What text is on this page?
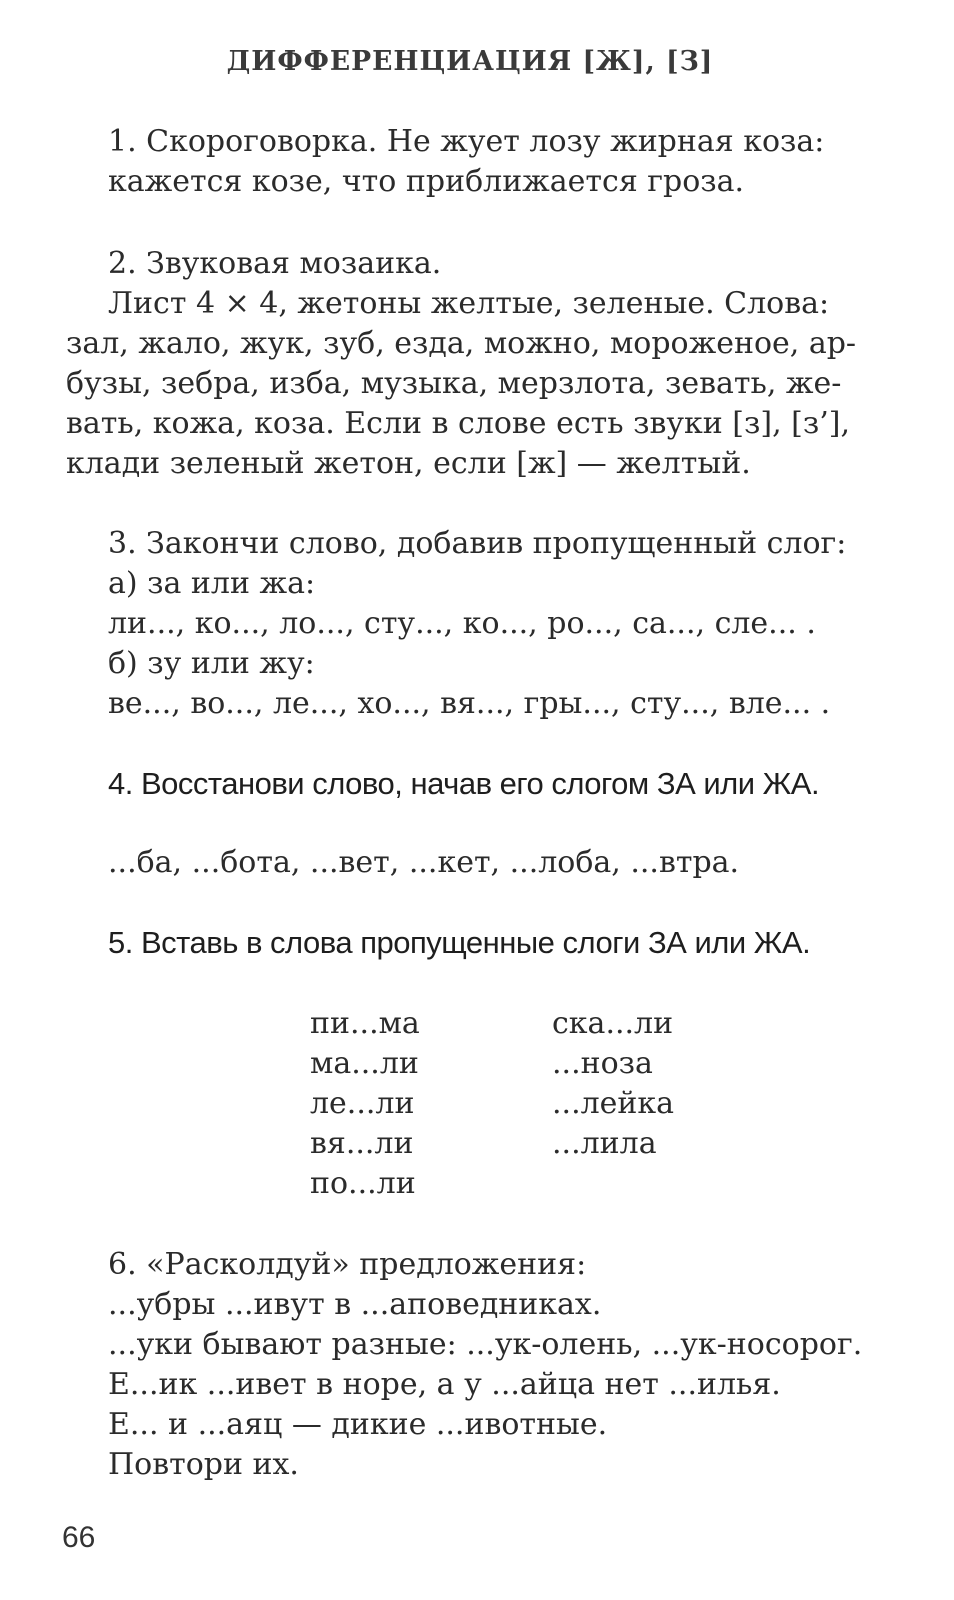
ДИФФЕРЕНЦИАЦИЯ [Ж], [З]
1. Скороговорка. Не жует лозу жирная коза:
кажется козе, что приближается гроза.
2. Звуковая мозаика.
Лист 4 × 4, жетоны желтые, зеленые. Слова:
зал, жало, жук, зуб, езда, можно, мороженое, ар-
бузы, зебра, изба, музыка, мерзлота, зевать, же-
вать, кожа, коза. Если в слове есть звуки [з], [з’],
клади зеленый жетон, если [ж] — желтый.
3. Закончи слово, добавив пропущенный слог:
а) за или жа:
ли..., ко..., ло..., сту..., ко..., ро..., са..., сле... .
б) зу или жу:
ве..., во..., ле..., хо..., вя..., гры..., сту..., вле... .
4. Восстанови слово, начав его слогом ЗА или ЖА.
...ба, ...бота, ...вет, ...кет, ...лоба, ...втра.
5. Вставь в слова пропущенные слоги ЗА или ЖА.
пи...ма
ма...ли
ле...ли
вя...ли
по...ли
ска...ли
...ноза
...лейка
...лила
6. «Расколдуй» предложения:
...убры ...ивут в ...аповедниках.
...уки бывают разные: ...ук-олень, ...ук-носорог.
Е...ик ...ивет в норе, а у ...айца нет ...илья.
Е... и ...аяц — дикие ...ивотные.
Повтори их.
66
